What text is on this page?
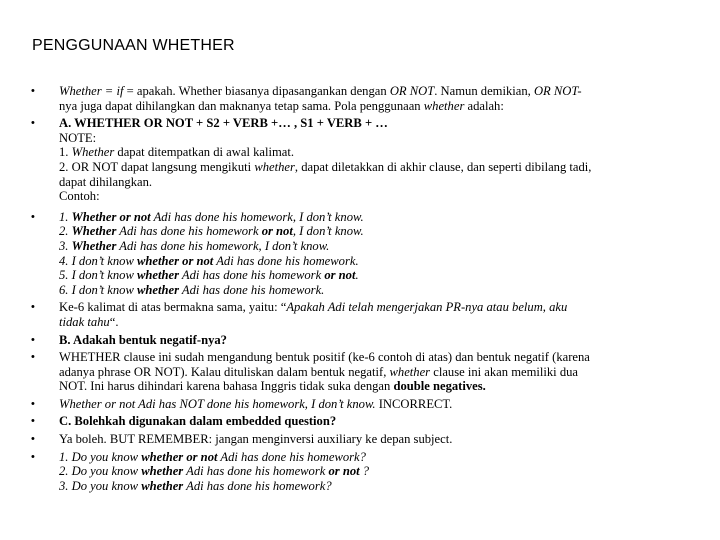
PENGGUNAAN WHETHER
• Whether = if = apakah. Whether biasanya dipasangankan dengan OR NOT. Namun demikian, OR NOT-
nya juga dapat dihilangkan dan maknanya tetap sama. Pola penggunaan whether adalah:
• A. WHETHER OR NOT + S2 + VERB +… , S1 + VERB + …
NOTE:
1. Whether dapat ditempatkan di awal kalimat.
2. OR NOT dapat langsung mengikuti whether, dapat diletakkan di akhir clause, dan seperti dibilang tadi,
dapat dihilangkan.
Contoh:
• 1. Whether or not Adi has done his homework, I don’t know.
2. Whether Adi has done his homework or not, I don’t know.
3. Whether Adi has done his homework, I don’t know.
4. I don’t know whether or not Adi has done his homework.
5. I don’t know whether Adi has done his homework or not.
6. I don’t know whether Adi has done his homework.
• Ke-6 kalimat di atas bermakna sama, yaitu: “Apakah Adi telah mengerjakan PR-nya atau belum, aku
tidak tahu“.
• B. Adakah bentuk negatif-nya?
• WHETHER clause ini sudah mengandung bentuk positif (ke-6 contoh di atas) dan bentuk negatif (karena
adanya phrase OR NOT). Kalau dituliskan dalam bentuk negatif, whether clause ini akan memiliki dua
NOT. Ini harus dihindari karena bahasa Inggris tidak suka dengan double negatives.
• Whether or not Adi has NOT done his homework, I don’t know. INCORRECT.
• C. Bolehkah digunakan dalam embedded question?
• Ya boleh. BUT REMEMBER: jangan menginversi auxiliary ke depan subject.
• 1. Do you know whether or not Adi has done his homework?
2. Do you know whether Adi has done his homework or not ?
3. Do you know whether Adi has done his homework?
